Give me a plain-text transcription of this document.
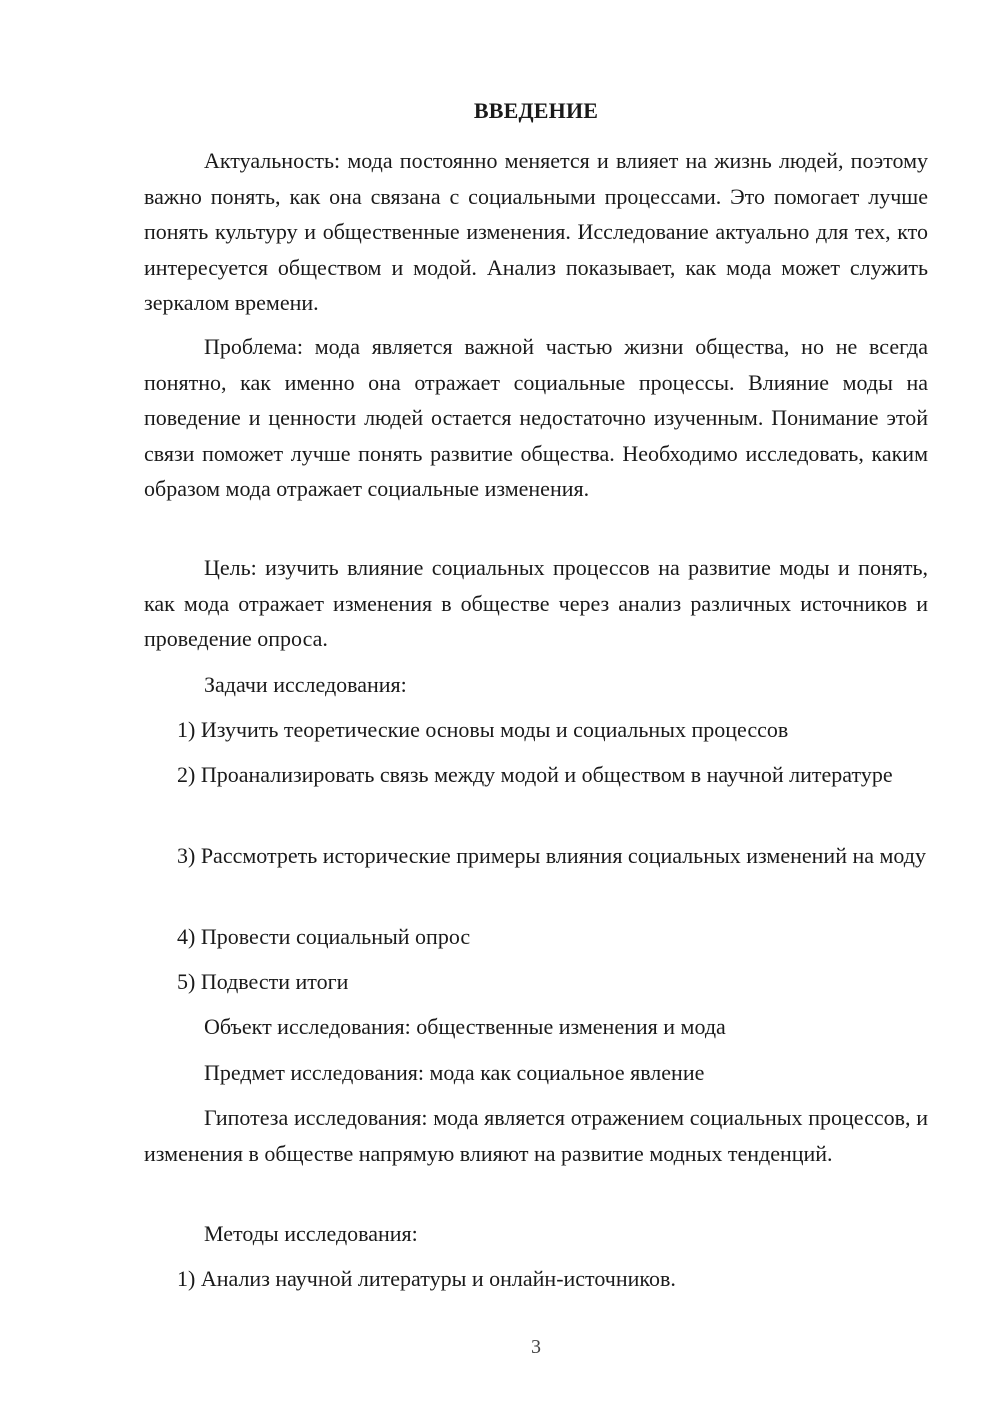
ВВЕДЕНИЕ

Актуальность: мода постоянно меняется и влияет на жизнь людей, поэтому важно понять, как она связана с социальными процессами. Это помогает лучше понять культуру и общественные изменения. Исследование актуально для тех, кто интересуется обществом и модой. Анализ показывает, как мода может служить зеркалом времени.

Проблема: мода является важной частью жизни общества, но не всегда понятно, как именно она отражает социальные процессы. Влияние моды на поведение и ценности людей остается недостаточно изученным. Понимание этой связи поможет лучше понять развитие общества. Необходимо исследовать, каким образом мода отражает социальные изменения.

Цель: изучить влияние социальных процессов на развитие моды и понять, как мода отражает изменения в обществе через анализ различных источников и проведение опроса.

Задачи исследования:

1) Изучить теоретические основы моды и социальных процессов

2) Проанализировать связь между модой и обществом в научной литературе

3) Рассмотреть исторические примеры влияния социальных изменений на моду

4) Провести социальный опрос

5) Подвести итоги

Объект исследования: общественные изменения и мода

Предмет исследования: мода как социальное явление

Гипотеза исследования: мода является отражением социальных процессов, и изменения в обществе напрямую влияют на развитие модных тенденций.

Методы исследования:

1) Анализ научной литературы и онлайн-источников.

3
